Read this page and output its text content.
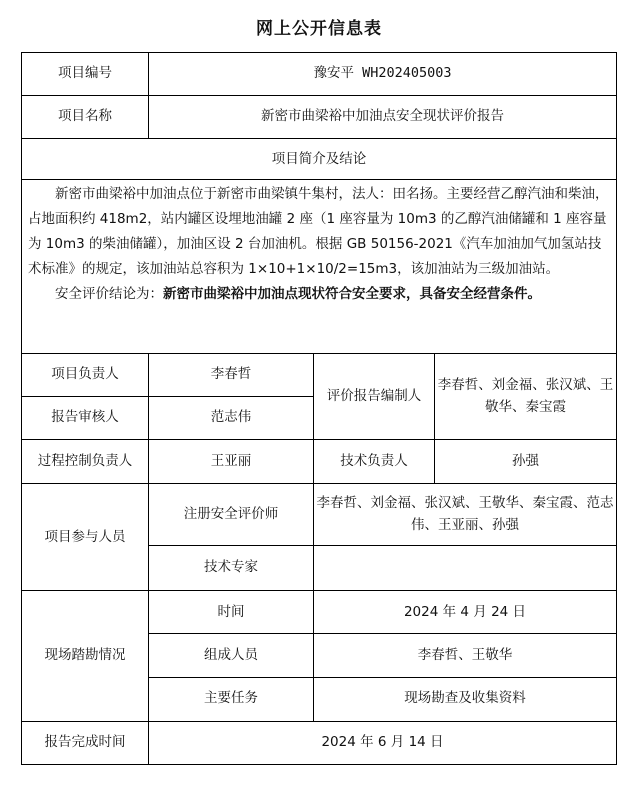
网上公开信息表
项目编号	豫安平 WH202405003		
项目名称	新密市曲梁裕中加油点安全现状评价报告		
项目简介及结论			

新密市曲梁裕中加油点位于新密市曲梁镇牛集村，法人：田名扬。主要经营乙醇汽油和柴油，占地面积约 418m2，站内罐区设埋地油罐 2 座（1 座容量为 10m3 的乙醇汽油储罐和 1 座容量为 10m3 的柴油储罐），加油区设 2 台加油机。根据 GB 50156-2021《汽车加油加气加氢站技术标准》的规定，该加油站总容积为 1×10+1×10/2=15m3，该加油站为三级加油站。

安全评价结论为：新密市曲梁裕中加油点现状符合安全要求，具备安全经营条件。			

项目负责人	李春哲	评价报告编制人	李春哲、刘金福、张汉斌、王敬华、秦宝霞
报告审核人	范志伟		
过程控制负责人	王亚丽	技术负责人	孙强
项目参与人员	注册安全评价师	李春哲、刘金福、张汉斌、王敬华、秦宝霞、范志伟、王亚丽、孙强	
	技术专家		
现场踏勘情况	时间	2024 年 4 月 24 日	
	组成人员	李春哲、王敬华	
	主要任务	现场勘查及收集资料	
报告完成时间	2024 年 6 月 14 日		
